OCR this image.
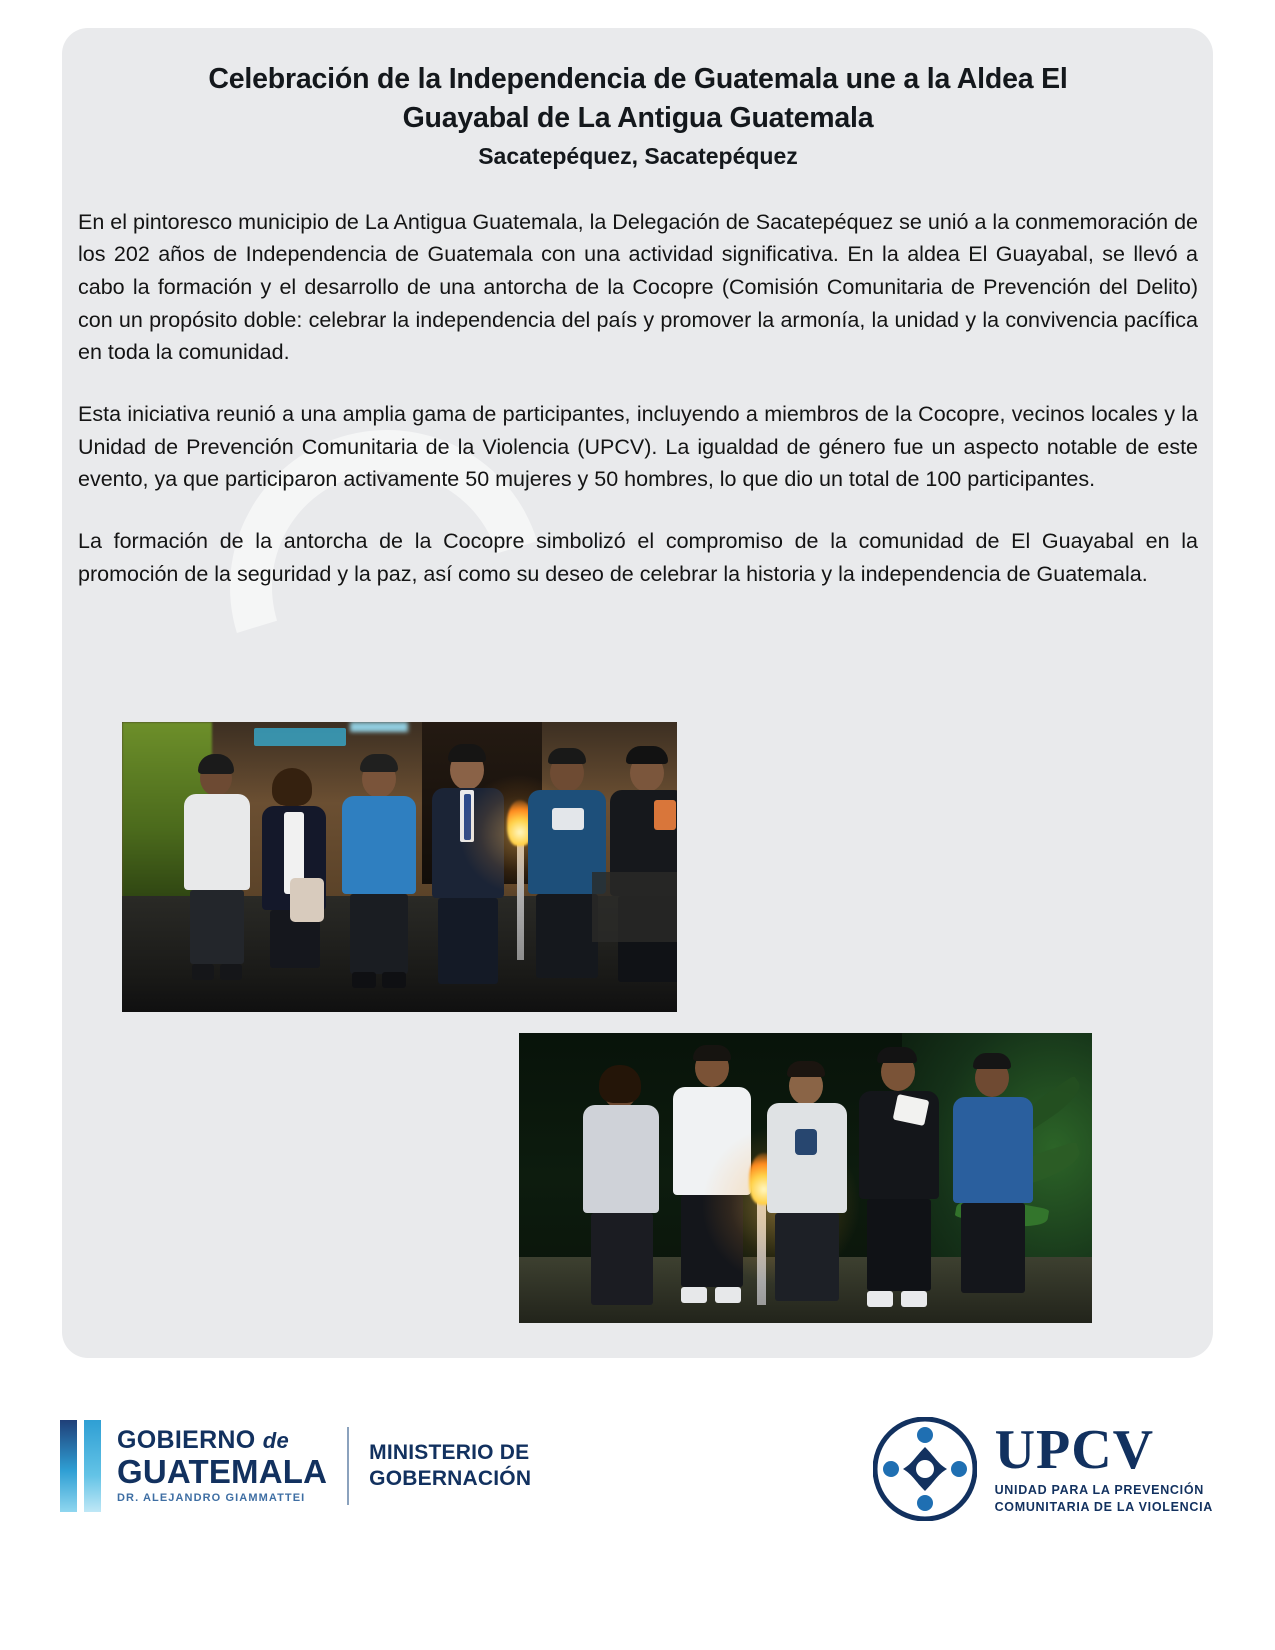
Celebración de la Independencia de Guatemala une a la Aldea El
Guayabal de La Antigua Guatemala
Sacatepéquez, Sacatepéquez

En el pintoresco municipio de La Antigua Guatemala, la Delegación de Sacatepéquez se unió a la conmemoración de los 202 años de Independencia de Guatemala con una actividad significativa. En la aldea El Guayabal, se llevó a cabo la formación y el desarrollo de una antorcha de la Cocopre (Comisión Comunitaria de Prevención del Delito) con un propósito doble: celebrar la independencia del país y promover la armonía, la unidad y la convivencia pacífica en toda la comunidad.

Esta iniciativa reunió a una amplia gama de participantes, incluyendo a miembros de la Cocopre, vecinos locales y la Unidad de Prevención Comunitaria de la Violencia (UPCV). La igualdad de género fue un aspecto notable de este evento, ya que participaron activamente 50 mujeres y 50 hombres, lo que dio un total de 100 participantes.

La formación de la antorcha de la Cocopre simbolizó el compromiso de la comunidad de El Guayabal en la promoción de la seguridad y la paz, así como su deseo de celebrar la historia y la independencia de Guatemala.

GOBIERNO de
GUATEMALA
DR. ALEJANDRO GIAMMATTEI
MINISTERIO DE
GOBERNACIÓN	UPCV
UNIDAD PARA LA PREVENCIÓN
COMUNITARIA DE LA VIOLENCIA
